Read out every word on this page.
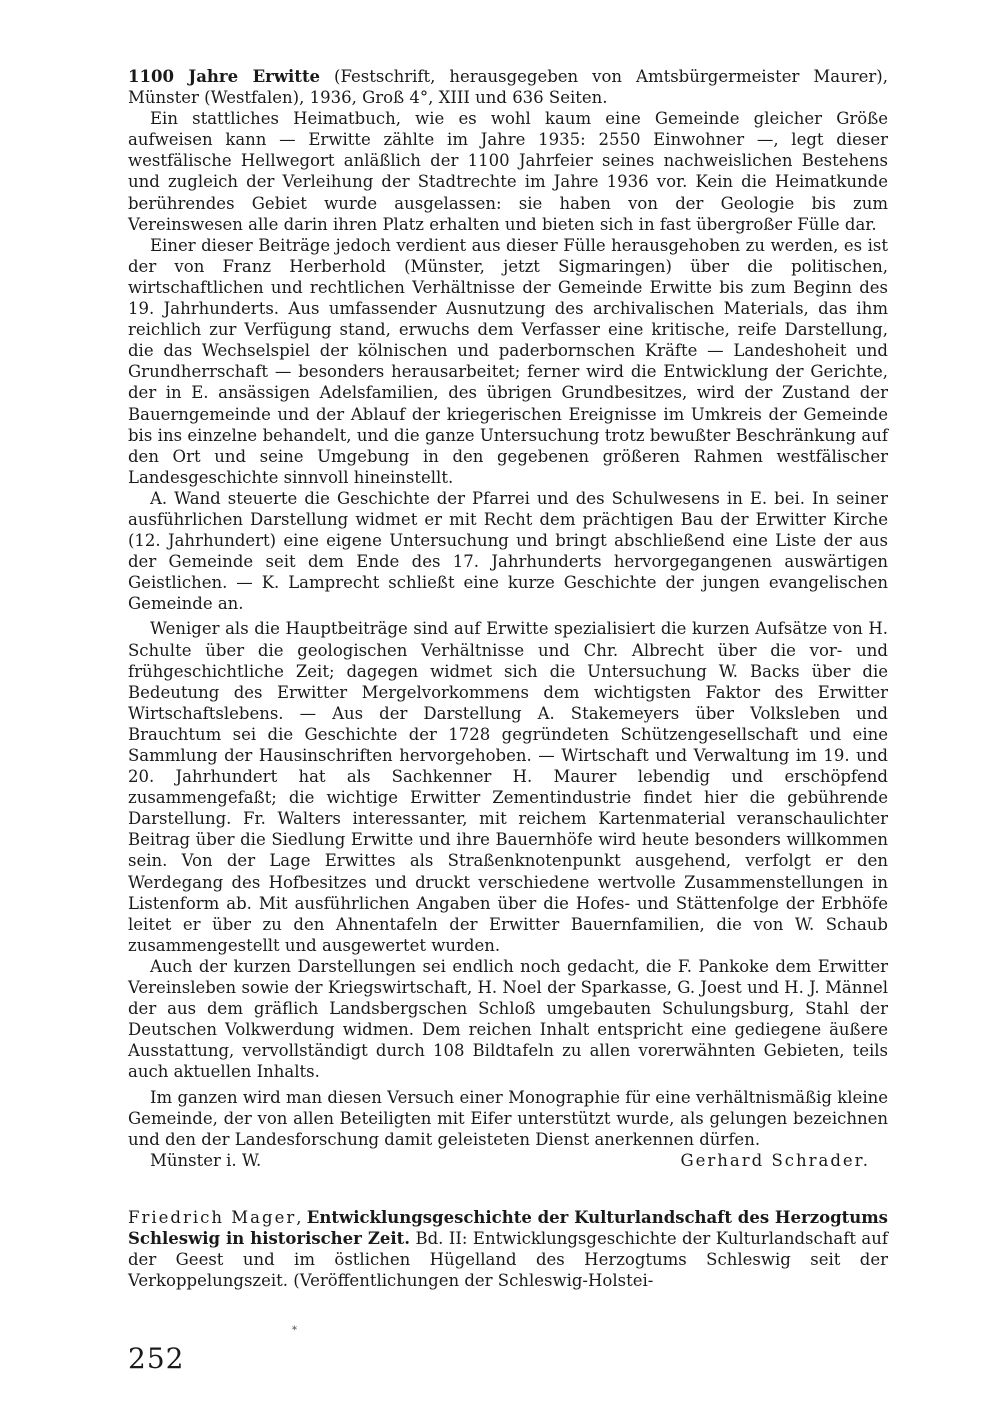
1100 Jahre Erwitte (Festschrift, herausgegeben von Amtsbürgermeister Maurer), Münster (Westfalen), 1936, Groß 4°, XIII und 636 Seiten.

Ein stattliches Heimatbuch, wie es wohl kaum eine Gemeinde gleicher Größe aufweisen kann — Erwitte zählte im Jahre 1935: 2550 Einwohner —, legt dieser westfälische Hellwegort anläßlich der 1100 Jahrfeier seines nachweislichen Bestehens und zugleich der Verleihung der Stadtrechte im Jahre 1936 vor. Kein die Heimatkunde berührendes Gebiet wurde ausgelassen: sie haben von der Geologie bis zum Vereinswesen alle darin ihren Platz erhalten und bieten sich in fast übergroßer Fülle dar.

Einer dieser Beiträge jedoch verdient aus dieser Fülle herausgehoben zu werden, es ist der von Franz Herberhold (Münster, jetzt Sigmaringen) über die politischen, wirtschaftlichen und rechtlichen Verhältnisse der Gemeinde Erwitte bis zum Beginn des 19. Jahrhunderts. Aus umfassender Ausnutzung des archivalischen Materials, das ihm reichlich zur Verfügung stand, erwuchs dem Verfasser eine kritische, reife Darstellung, die das Wechselspiel der kölnischen und paderbornschen Kräfte — Landeshoheit und Grundherrschaft — besonders herausarbeitet; ferner wird die Entwicklung der Gerichte, der in E. ansässigen Adelsfamilien, des übrigen Grundbesitzes, wird der Zustand der Bauerngemeinde und der Ablauf der kriegerischen Ereignisse im Umkreis der Gemeinde bis ins einzelne behandelt, und die ganze Untersuchung trotz bewußter Beschränkung auf den Ort und seine Umgebung in den gegebenen größeren Rahmen westfälischer Landesgeschichte sinnvoll hineinstellt.

A. Wand steuerte die Geschichte der Pfarrei und des Schulwesens in E. bei. In seiner ausführlichen Darstellung widmet er mit Recht dem prächtigen Bau der Erwitter Kirche (12. Jahrhundert) eine eigene Untersuchung und bringt abschließend eine Liste der aus der Gemeinde seit dem Ende des 17. Jahrhunderts hervorgegangenen auswärtigen Geistlichen. — K. Lamprecht schließt eine kurze Geschichte der jungen evangelischen Gemeinde an.

Weniger als die Hauptbeiträge sind auf Erwitte spezialisiert die kurzen Aufsätze von H. Schulte über die geologischen Verhältnisse und Chr. Albrecht über die vor- und frühgeschichtliche Zeit; dagegen widmet sich die Untersuchung W. Backs über die Bedeutung des Erwitter Mergelvorkommens dem wichtigsten Faktor des Erwitter Wirtschaftslebens. — Aus der Darstellung A. Stakemeyers über Volksleben und Brauchtum sei die Geschichte der 1728 gegründeten Schützengesellschaft und eine Sammlung der Hausinschriften hervorgehoben. — Wirtschaft und Verwaltung im 19. und 20. Jahrhundert hat als Sachkenner H. Maurer lebendig und erschöpfend zusammengefaßt; die wichtige Erwitter Zementindustrie findet hier die gebührende Darstellung. Fr. Walters interessanter, mit reichem Kartenmaterial veranschaulichter Beitrag über die Siedlung Erwitte und ihre Bauernhöfe wird heute besonders willkommen sein. Von der Lage Erwittes als Straßenknotenpunkt ausgehend, verfolgt er den Werdegang des Hofbesitzes und druckt verschiedene wertvolle Zusammenstellungen in Listenform ab. Mit ausführlichen Angaben über die Hofes- und Stättenfolge der Erbhöfe leitet er über zu den Ahnentafeln der Erwitter Bauernfamilien, die von W. Schaub zusammengestellt und ausgewertet wurden.

Auch der kurzen Darstellungen sei endlich noch gedacht, die F. Pankoke dem Erwitter Vereinsleben sowie der Kriegswirtschaft, H. Noel der Sparkasse, G. Joest und H. J. Männel der aus dem gräflich Landsbergschen Schloß umgebauten Schulungsburg, Stahl der Deutschen Volkwerdung widmen. Dem reichen Inhalt entspricht eine gediegene äußere Ausstattung, vervollständigt durch 108 Bildtafeln zu allen vorerwähnten Gebieten, teils auch aktuellen Inhalts.

Im ganzen wird man diesen Versuch einer Monographie für eine verhältnismäßig kleine Gemeinde, der von allen Beteiligten mit Eifer unterstützt wurde, als gelungen bezeichnen und den der Landesforschung damit geleisteten Dienst anerkennen dürfen.

Münster i. W.	Gerhard Schrader.

Friedrich Mager, Entwicklungsgeschichte der Kulturlandschaft des Herzogtums Schleswig in historischer Zeit. Bd. II: Entwicklungsgeschichte der Kulturlandschaft auf der Geest und im östlichen Hügelland des Herzogtums Schleswig seit der Verkoppelungszeit. (Veröffentlichungen der Schleswig-Holstei-

*
252
